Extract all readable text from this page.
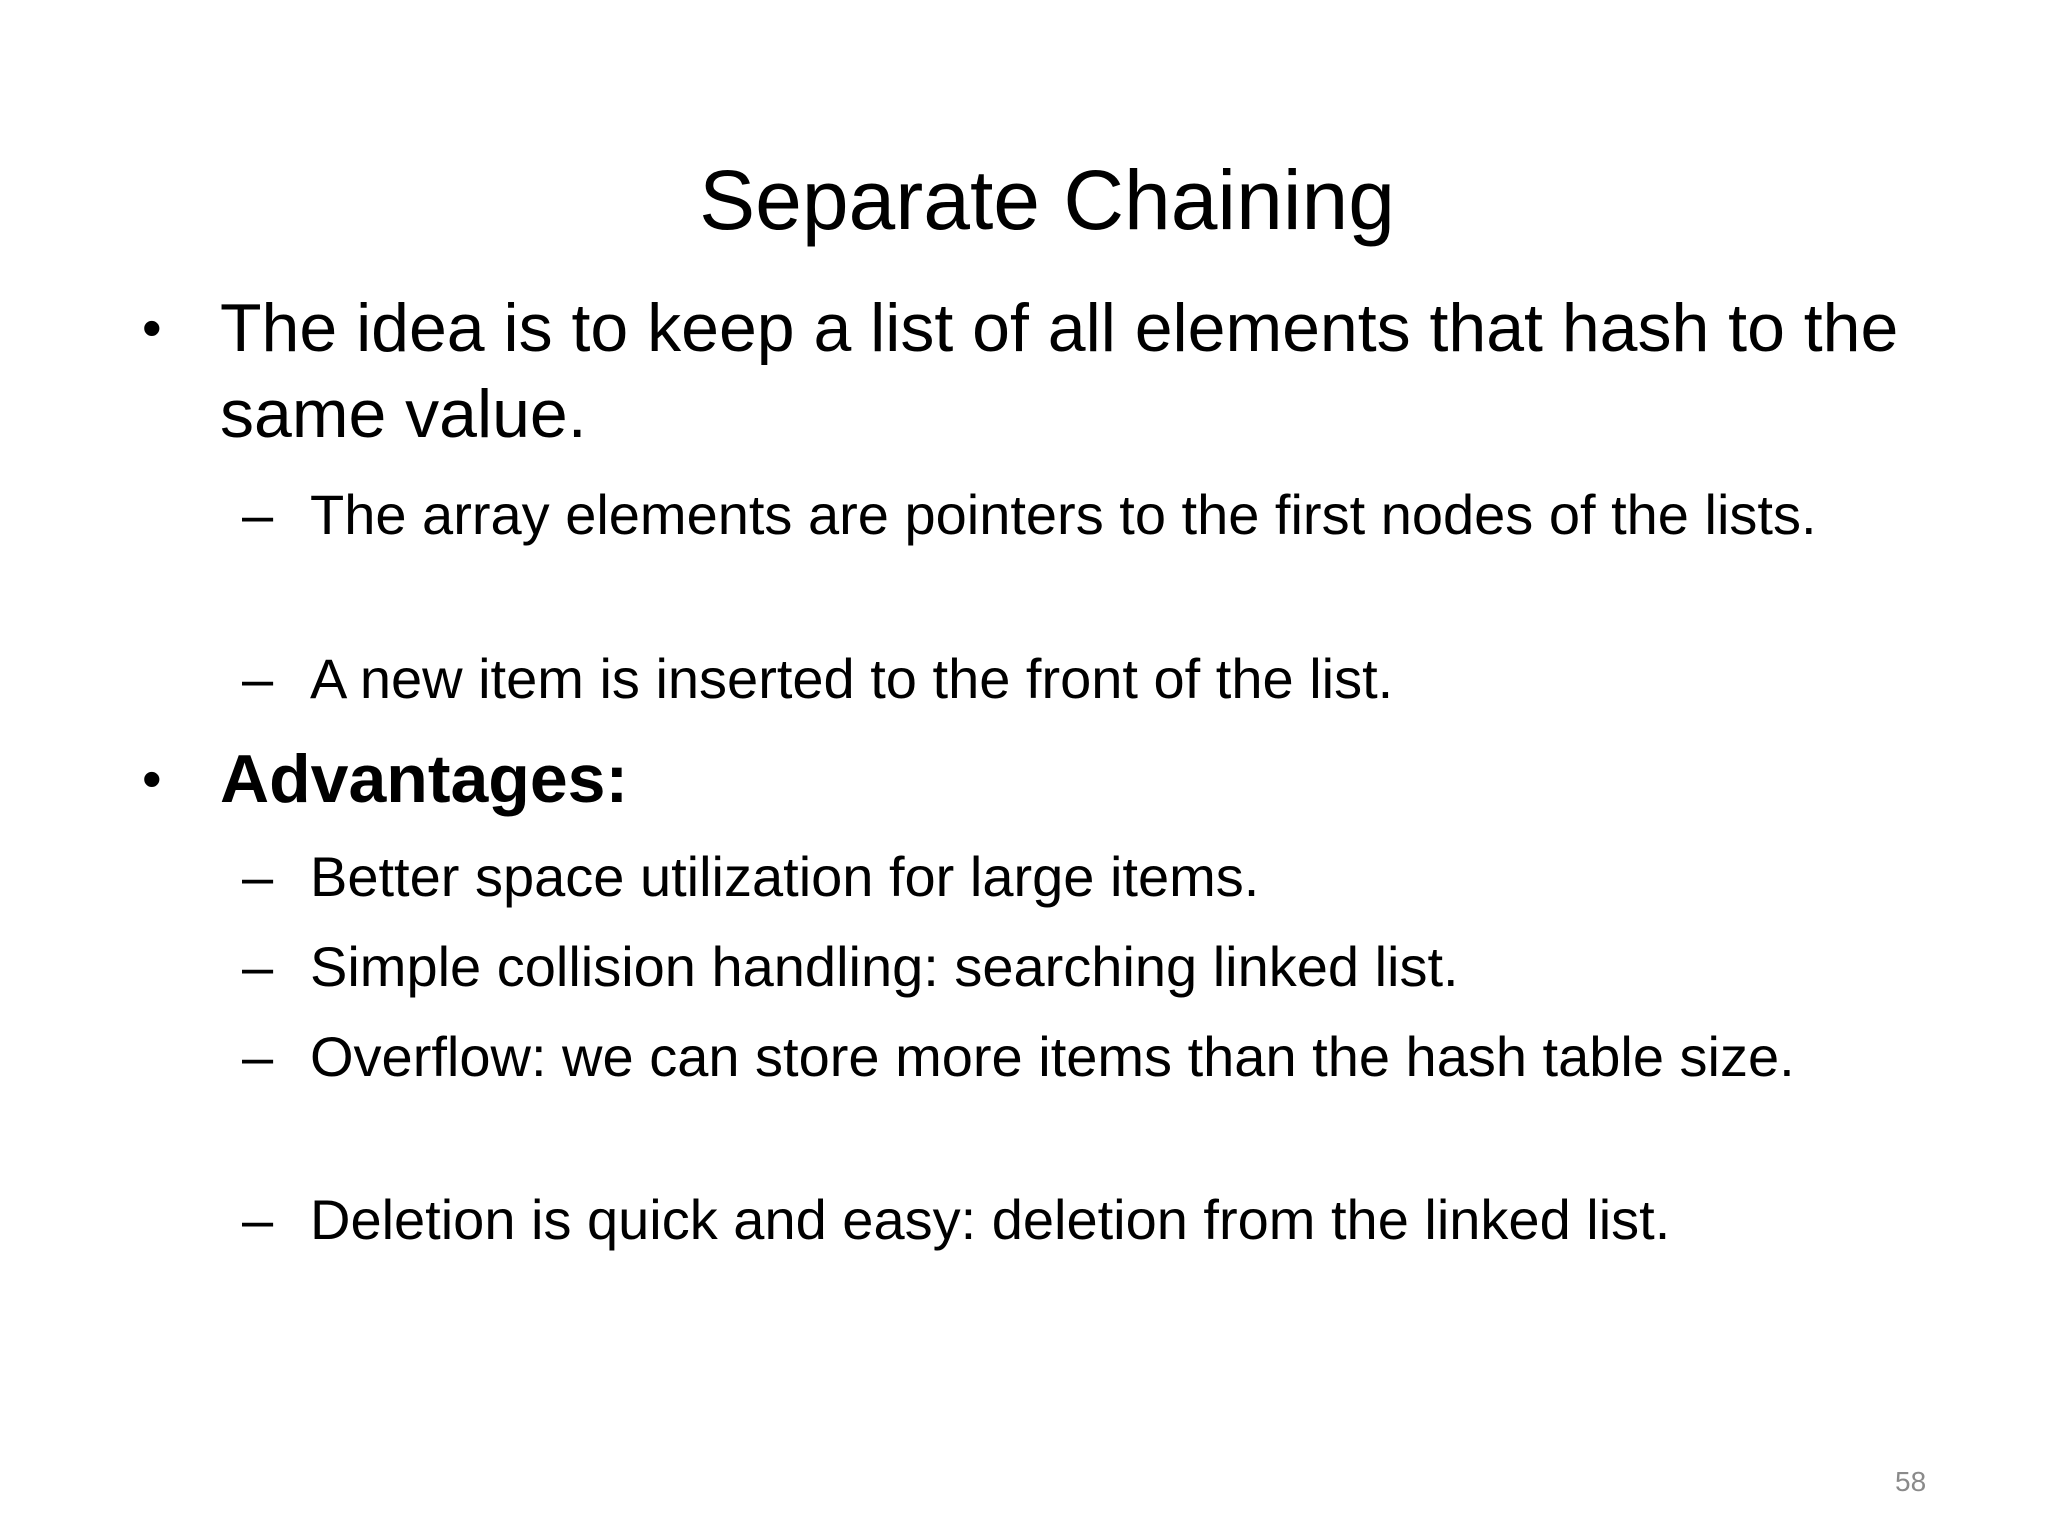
Separate Chaining
• The idea is to keep a list of all elements that hash to the same value.
– The array elements are pointers to the first nodes of the lists.
– A new item is inserted to the front of the list.
• Advantages:
– Better space utilization for large items.
– Simple collision handling: searching linked list.
– Overflow: we can store more items than the hash table size.
– Deletion is quick and easy: deletion from the linked list.
58
